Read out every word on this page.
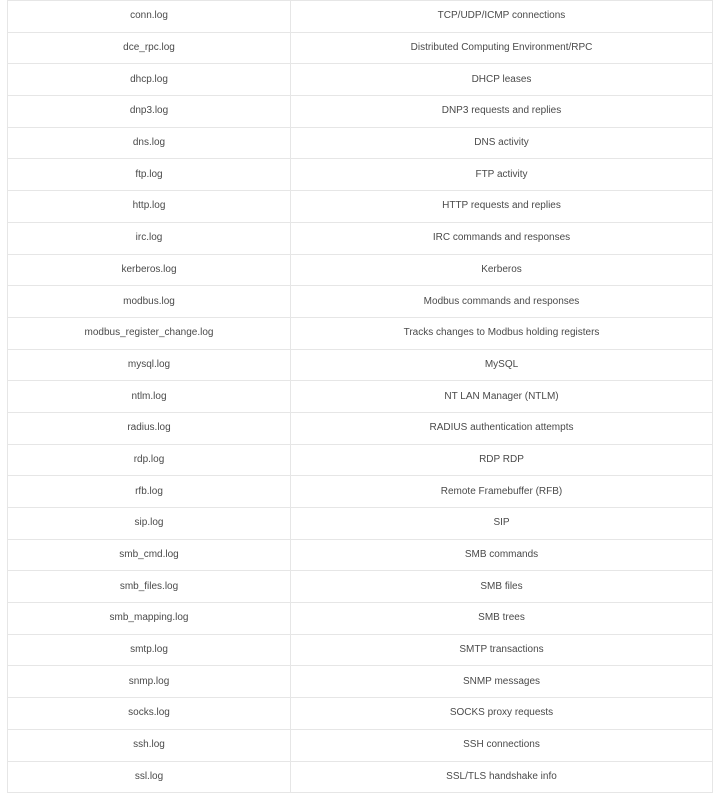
conn.log	TCP/UDP/ICMP connections
dce_rpc.log	Distributed Computing Environment/RPC
dhcp.log	DHCP leases
dnp3.log	DNP3 requests and replies
dns.log	DNS activity
ftp.log	FTP activity
http.log	HTTP requests and replies
irc.log	IRC commands and responses
kerberos.log	Kerberos
modbus.log	Modbus commands and responses
modbus_register_change.log	Tracks changes to Modbus holding registers
mysql.log	MySQL
ntlm.log	NT LAN Manager (NTLM)
radius.log	RADIUS authentication attempts
rdp.log	RDP RDP
rfb.log	Remote Framebuffer (RFB)
sip.log	SIP
smb_cmd.log	SMB commands
smb_files.log	SMB files
smb_mapping.log	SMB trees
smtp.log	SMTP transactions
snmp.log	SNMP messages
socks.log	SOCKS proxy requests
ssh.log	SSH connections
ssl.log	SSL/TLS handshake info
